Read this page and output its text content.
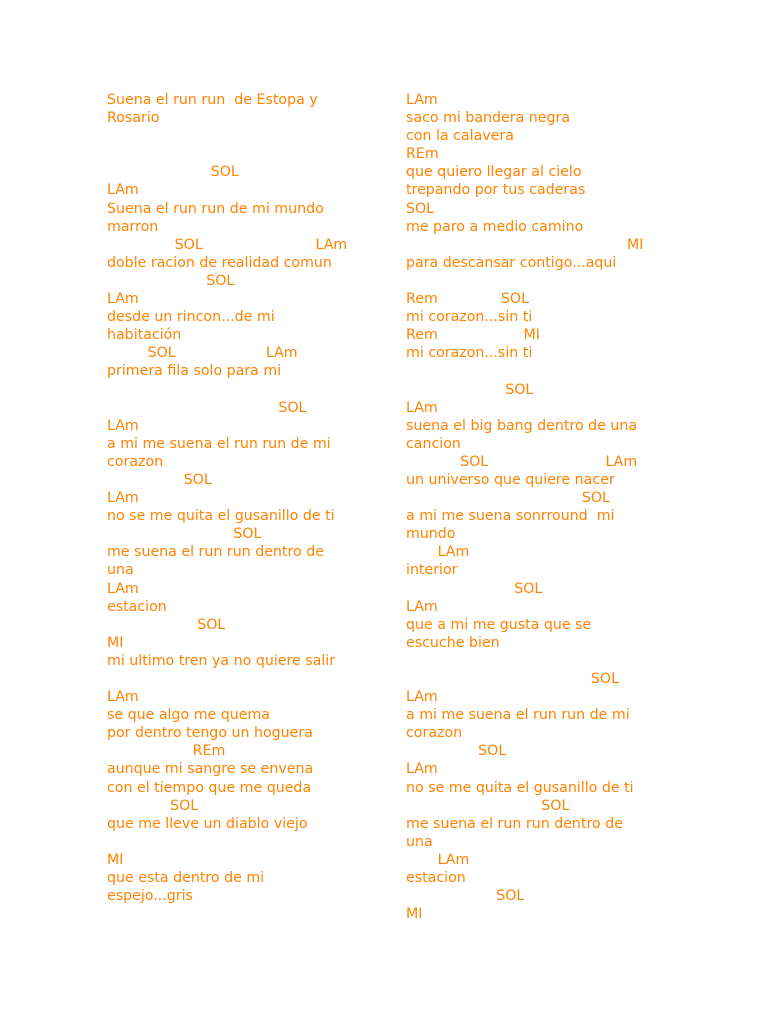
Suena el run run  de Estopa y
Rosario
SOL
LAm
Suena el run run de mi mundo
marron
SOL                         LAm
doble racion de realidad comun
SOL
LAm
desde un rincon...de mi
habitación
SOL                    LAm
primera fila solo para mi
SOL
LAm
a mi me suena el run run de mi
corazon
SOL
LAm
no se me quita el gusanillo de ti
SOL
me suena el run run dentro de
una
LAm
estacion
SOL
MI
mi ultimo tren ya no quiere salir
LAm
se que algo me quema
por dentro tengo un hoguera
REm
aunque mi sangre se envena
con el tiempo que me queda
SOL
que me lleve un diablo viejo
MI
que esta dentro de mi
espejo...gris
LAm
saco mi bandera negra
con la calavera
REm
que quiero llegar al cielo
trepando por tus caderas
SOL
me paro a medio camino
MI
para descansar contigo...aqui
Rem              SOL
mi corazon...sin ti
Rem                   MI
mi corazon...sin ti
SOL
LAm
suena el big bang dentro de una
cancion
SOL                          LAm
un universo que quiere nacer
SOL
a mi me suena sonrround  mi
mundo
LAm
interior
SOL
LAm
que a mi me gusta que se
escuche bien
SOL
LAm
a mi me suena el run run de mi
corazon
SOL
LAm
no se me quita el gusanillo de ti
SOL
me suena el run run dentro de
una
LAm
estacion
SOL
MI
